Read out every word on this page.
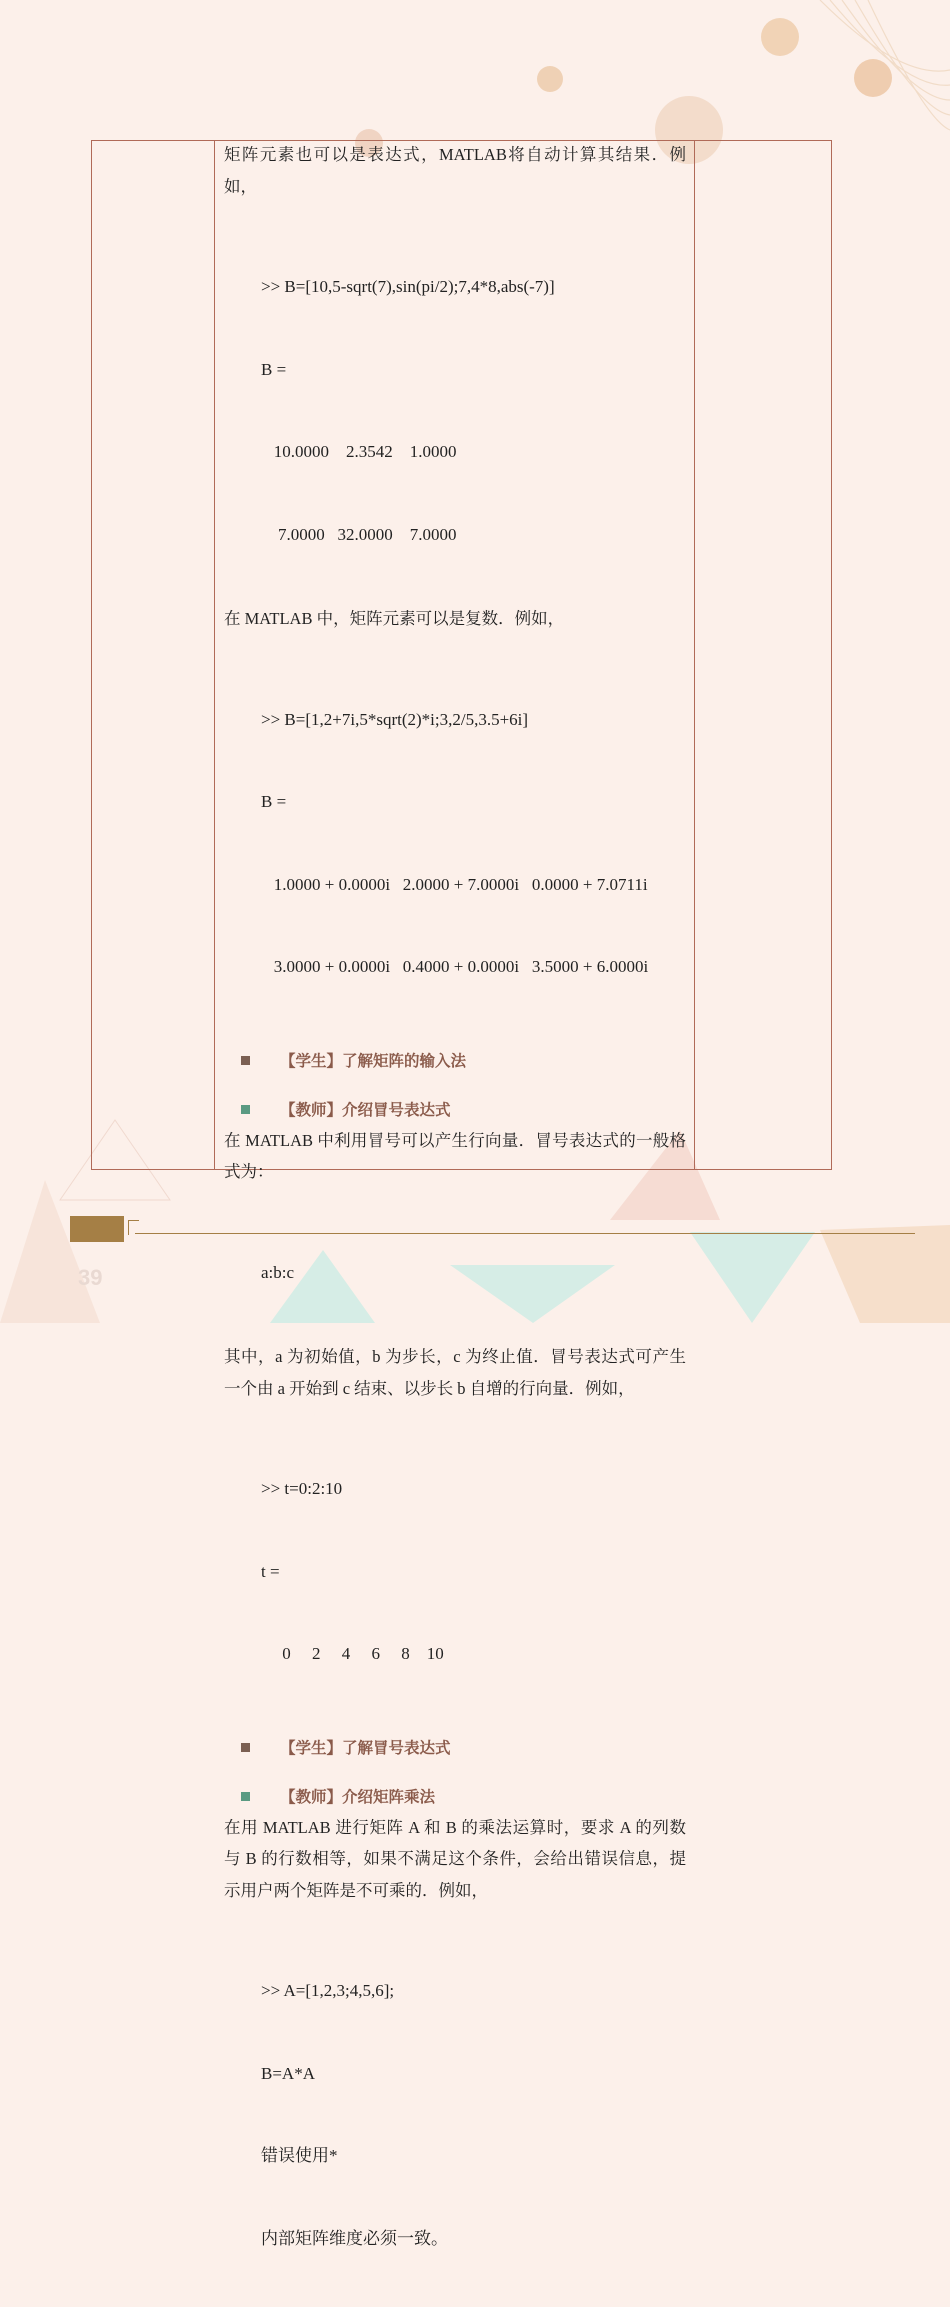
矩阵元素也可以是表达式，MATLAB将自动计算其结果．例如，

>> B=[10,5-sqrt(7),sin(pi/2);7,4*8,abs(-7)]

B =

10.0000    2.3542    1.0000

7.0000   32.0000    7.0000

在 MATLAB 中，矩阵元素可以是复数．例如，

>> B=[1,2+7i,5*sqrt(2)*i;3,2/5,3.5+6i]

B =

1.0000 + 0.0000i   2.0000 + 7.0000i   0.0000 + 7.0711i

3.0000 + 0.0000i   0.4000 + 0.0000i   3.5000 + 6.0000i

【学生】了解矩阵的输入法
【教师】介绍冒号表达式

在 MATLAB 中利用冒号可以产生行向量．冒号表达式的一般格式为：

a:b:c

其中，a 为初始值，b 为步长，c 为终止值．冒号表达式可产生一个由 a 开始到 c 结束、以步长 b 自增的行向量．例如，

>> t=0:2:10

t =

0     2     4     6     8    10

【学生】了解冒号表达式
【教师】介绍矩阵乘法

在用 MATLAB 进行矩阵 A 和 B 的乘法运算时，要求 A 的列数与 B 的行数相等，如果不满足这个条件，会给出错误信息，提示用户两个矩阵是不可乘的．例如，

>> A=[1,2,3;4,5,6];

B=A*A

错误使用*

内部矩阵维度必须一致。

39
